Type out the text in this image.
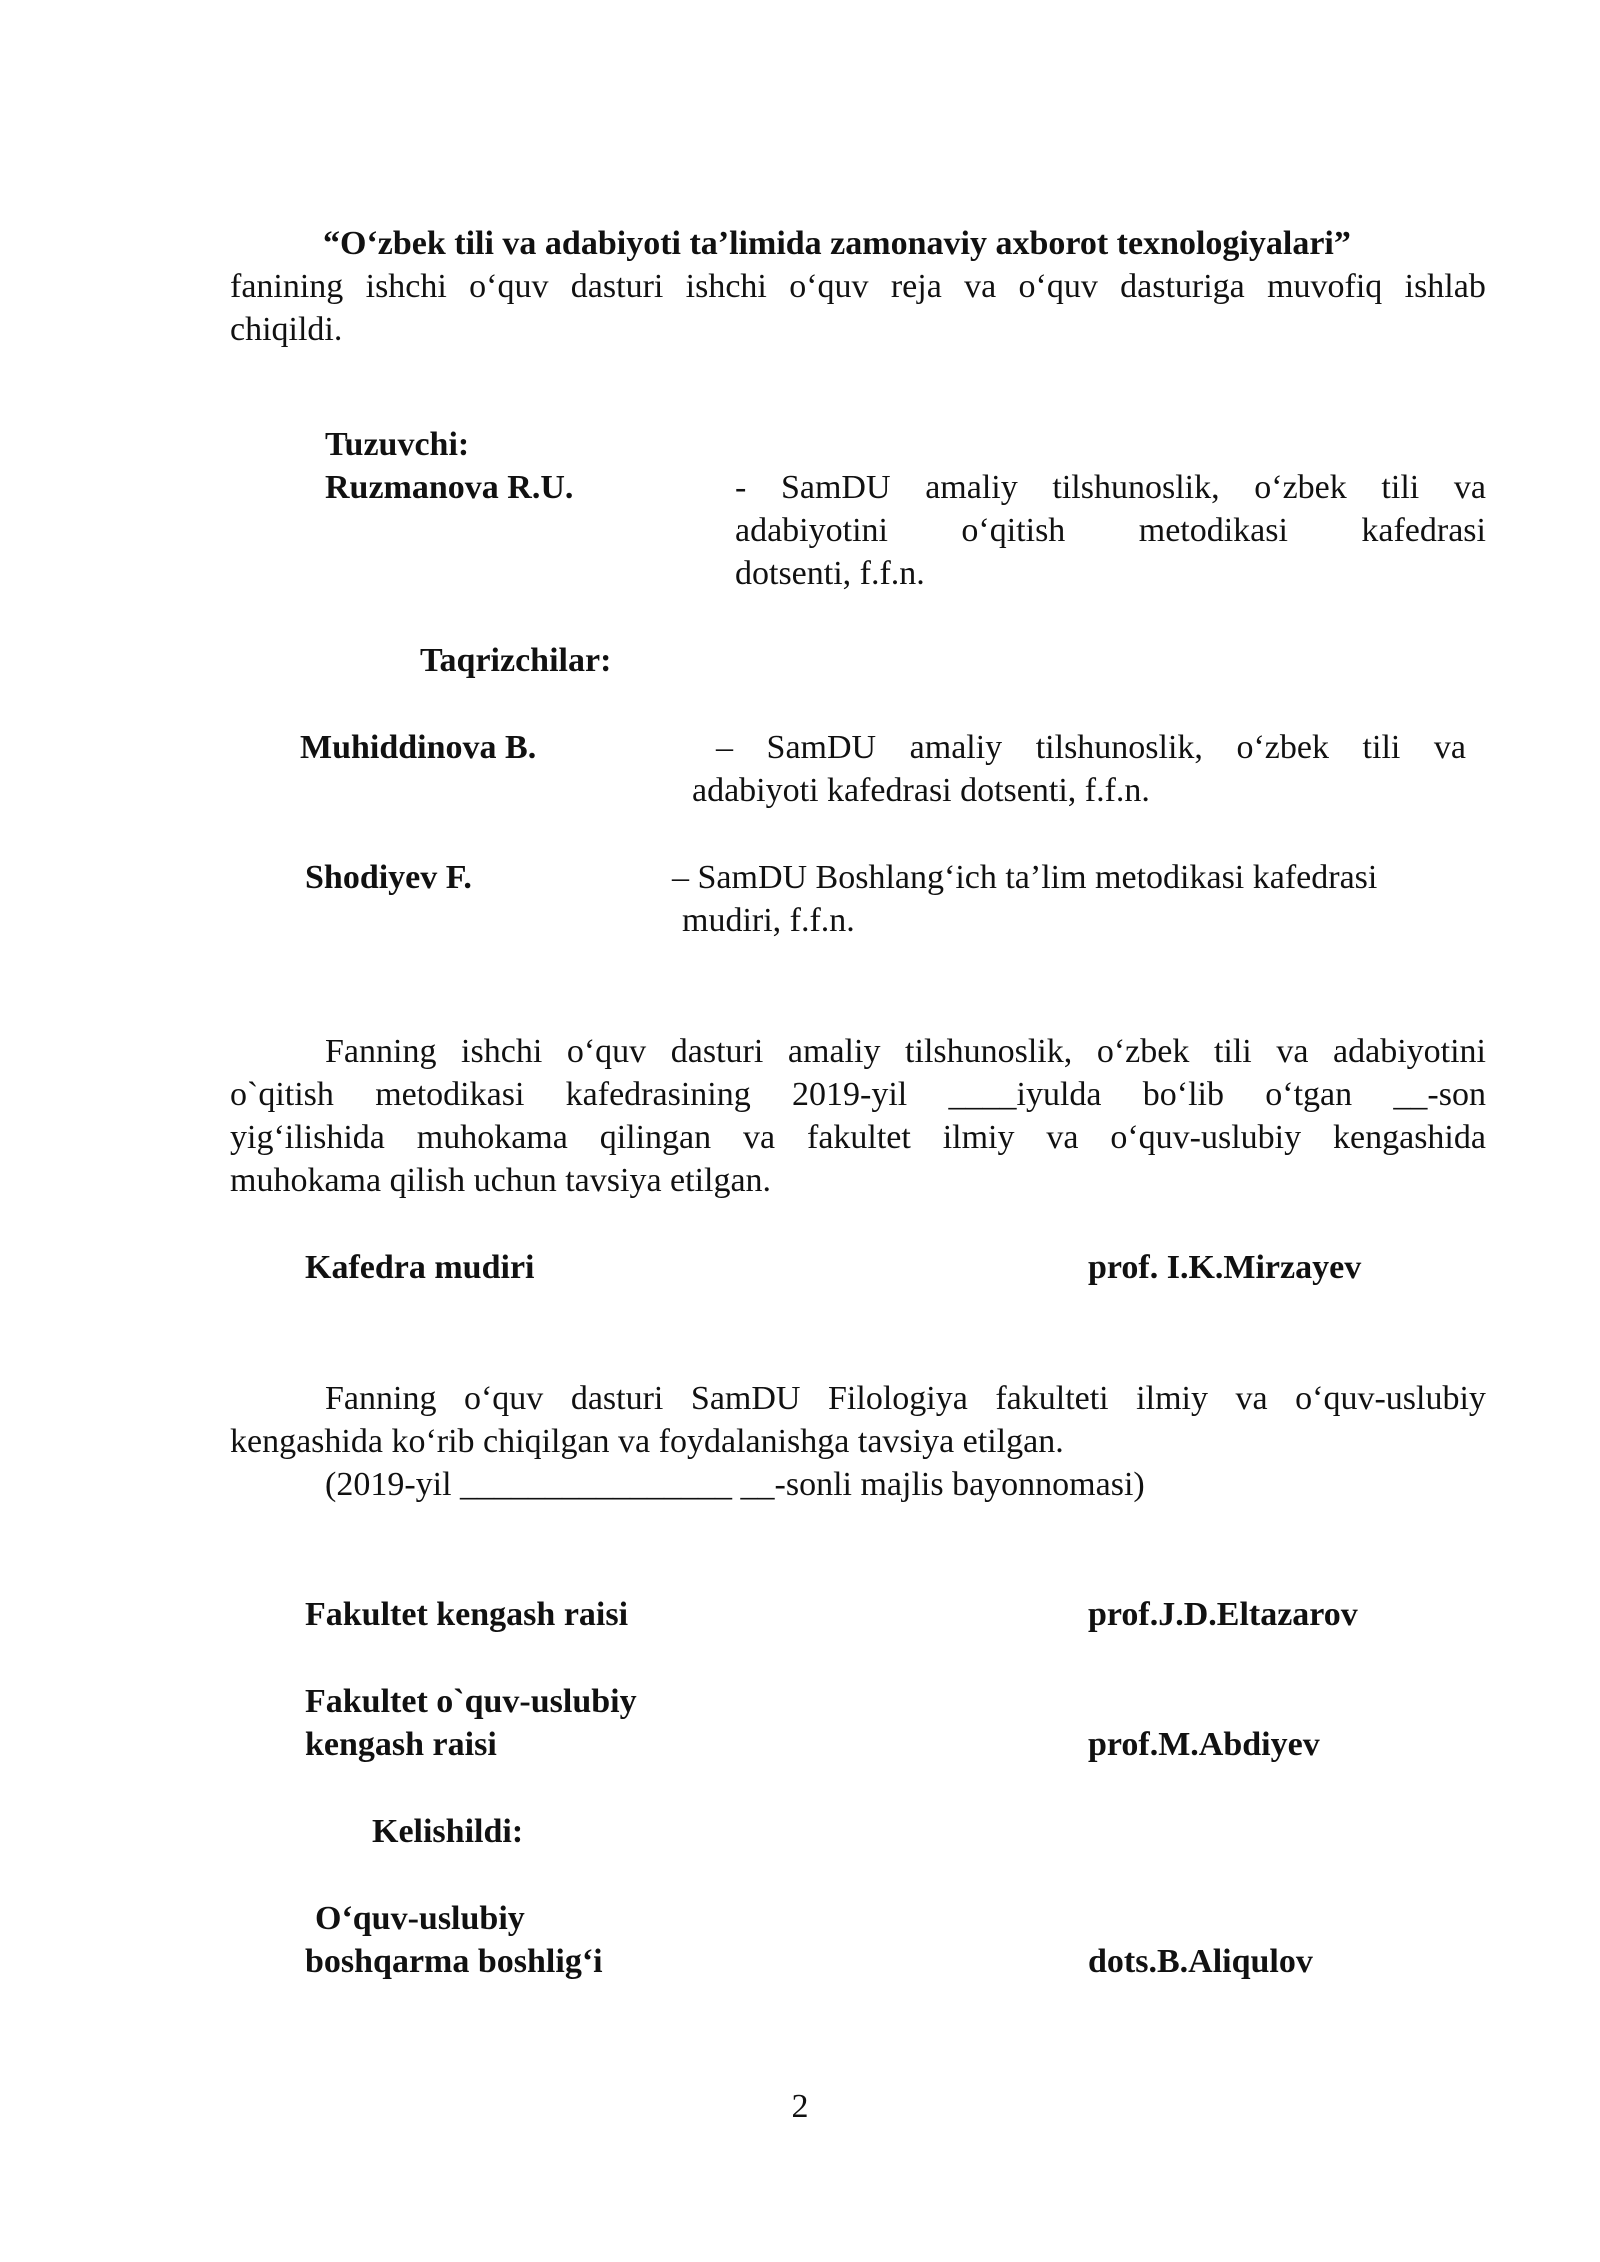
“O‘zbek tili va adabiyoti ta’limida zamonaviy axborot texnologiyalari”
fanining ishchi o‘quv dasturi ishchi o‘quv reja va o‘quv dasturiga muvofiq ishlab
chiqildi.
Tuzuvchi:
Ruzmanova R.U.	- SamDU amaliy tilshunoslik, o‘zbek tili va
adabiyotini o‘qitish metodikasi kafedrasi
dotsenti, f.f.n.
Taqrizchilar:
Muhiddinova B.	– SamDU amaliy tilshunoslik, o‘zbek tili va
adabiyoti kafedrasi dotsenti, f.f.n.
Shodiyev F.	– SamDU Boshlang‘ich ta’lim metodikasi kafedrasi
mudiri, f.f.n.
Fanning ishchi o‘quv dasturi amaliy tilshunoslik, o‘zbek tili va adabiyotini
o`qitish metodikasi kafedrasining 2019-yil ____iyulda bo‘lib o‘tgan __-son
yig‘ilishida muhokama qilingan va fakultet ilmiy va o‘quv-uslubiy kengashida
muhokama qilish uchun tavsiya etilgan.
Kafedra mudiri	prof. I.K.Mirzayev
Fanning o‘quv dasturi SamDU Filologiya fakulteti ilmiy va o‘quv-uslubiy
kengashida ko‘rib chiqilgan va foydalanishga tavsiya etilgan.
(2019-yil ________________ __-sonli majlis bayonnomasi)
Fakultet kengash raisi	prof.J.D.Eltazarov
Fakultet o`quv-uslubiy
kengash raisi	prof.M.Abdiyev
Kelishildi:
O‘quv-uslubiy
boshqarma boshlig‘i	dots.B.Aliqulov
2
